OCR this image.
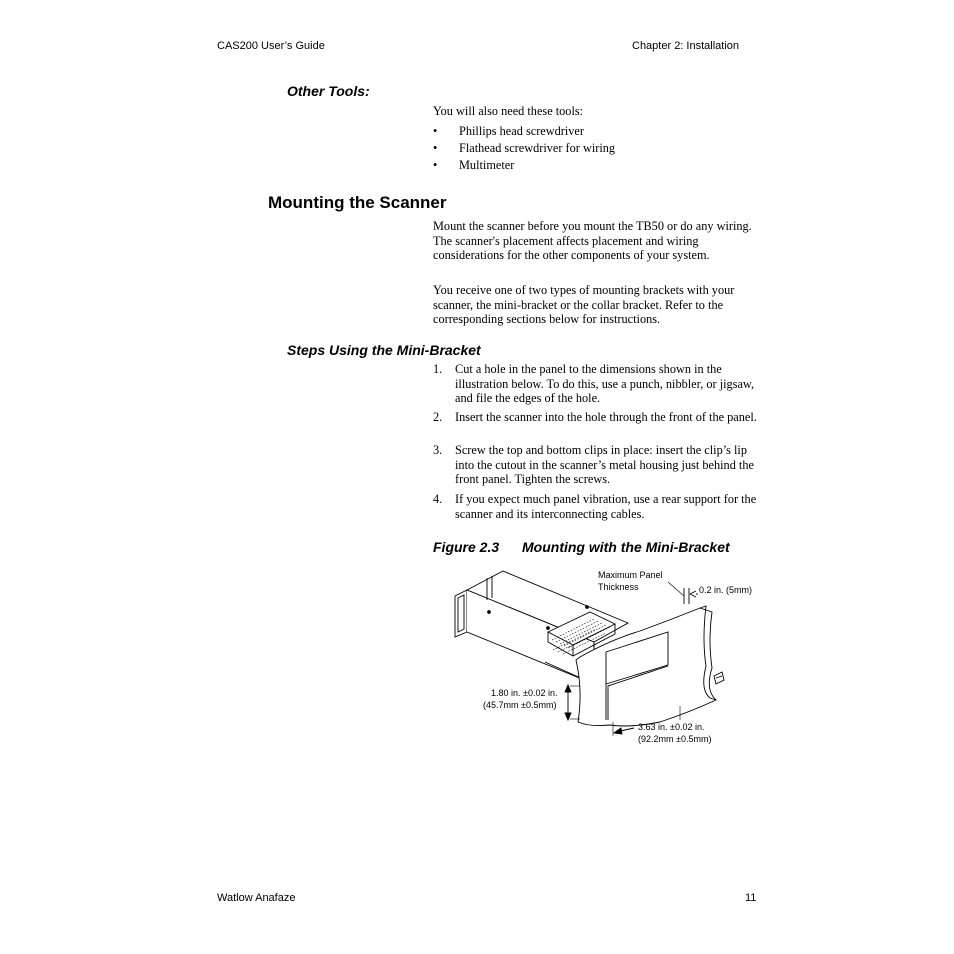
CAS200 User’s Guide	Chapter 2: Installation
Other Tools:
You will also need these tools:
• Phillips head screwdriver
• Flathead screwdriver for wiring
• Multimeter
Mounting the Scanner
Mount the scanner before you mount the TB50 or do any wiring. The scanner's placement affects placement and wiring considerations for the other components of your system.
You receive one of two types of mounting brackets with your scanner, the mini-bracket or the collar bracket. Refer to the corresponding sections below for instructions.
Steps Using the Mini-Bracket
1. Cut a hole in the panel to the dimensions shown in the illustration below. To do this, use a punch, nibbler, or jigsaw, and file the edges of the hole.
2. Insert the scanner into the hole through the front of the panel.
3. Screw the top and bottom clips in place: insert the clip’s lip into the cutout in the scanner’s metal housing just behind the front panel. Tighten the screws.
4. If you expect much panel vibration, use a rear support for the scanner and its interconnecting cables.
Figure 2.3 Mounting with the Mini-Bracket
Maximum Panel
Thickness	0.2 in. (5mm)
1.80 in. ±0.02 in.
(45.7mm ±0.5mm)
3.63 in. ±0.02 in.
(92.2mm ±0.5mm)
Watlow Anafaze	11
